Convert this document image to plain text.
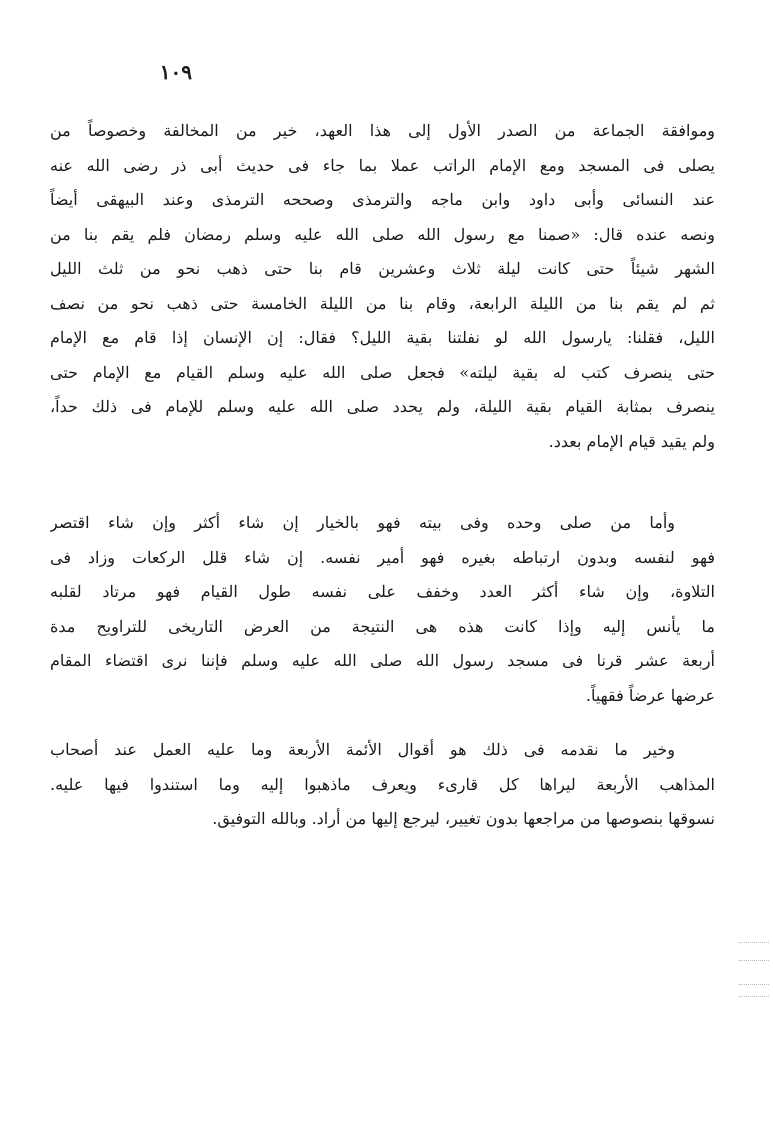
١٠٩
وموافقة الجماعة من الصدر الأول إلى هذا العهد، خير من المخالفة وخصوصاً من
يصلى فى المسجد ومع الإمام الراتب عملا بما جاء فى حديث أبى ذر رضى الله عنه
عند النسائى وأبى داود وابن ماجه والترمذى وصححه الترمذى وعند البيهقى أيضاً
ونصه عنده قال: «صمنا مع رسول الله صلى الله عليه وسلم رمضان فلم يقم بنا من
الشهر شيئاً حتى كانت ليلة ثلاث وعشرين قام بنا حتى ذهب نحو من ثلث الليل
ثم لم يقم بنا من الليلة الرابعة، وقام بنا من الليلة الخامسة حتى ذهب نحو من نصف
الليل، فقلنا: يارسول الله لو نفلتنا بقية الليل؟ فقال: إن الإنسان إذا قام مع الإمام
حتى ينصرف كتب له بقية ليلته» فجعل صلى الله عليه وسلم القيام مع الإمام حتى
ينصرف بمثابة القيام بقية الليلة، ولم يحدد صلى الله عليه وسلم للإمام فى ذلك حداً،
ولم يقيد قيام الإمام بعدد.
وأما من صلى وحده وفى بيته فهو بالخيار إن شاء أكثر وإن شاء اقتصر
فهو لنفسه وبدون ارتباطه بغيره فهو أمير نفسه. إن شاء قلل الركعات وزاد فى
التلاوة، وإن شاء أكثر العدد وخفف على نفسه طول القيام فهو مرتاد لقلبه
ما يأنس إليه وإذا كانت هذه هى النتيجة من العرض التاريخى للتراويح مدة
أربعة عشر قرنا فى مسجد رسول الله صلى الله عليه وسلم فإننا نرى اقتضاء المقام
عرضها عرضاً فقهياً.
وخير ما نقدمه فى ذلك هو أقوال الأئمة الأربعة وما عليه العمل عند أصحاب
المذاهب الأربعة ليراها كل قارىء ويعرف ماذهبوا إليه وما استندوا فيها عليه.
نسوقها بنصوصها من مراجعها بدون تغيير، ليرجع إليها من أراد. وبالله التوفيق.
